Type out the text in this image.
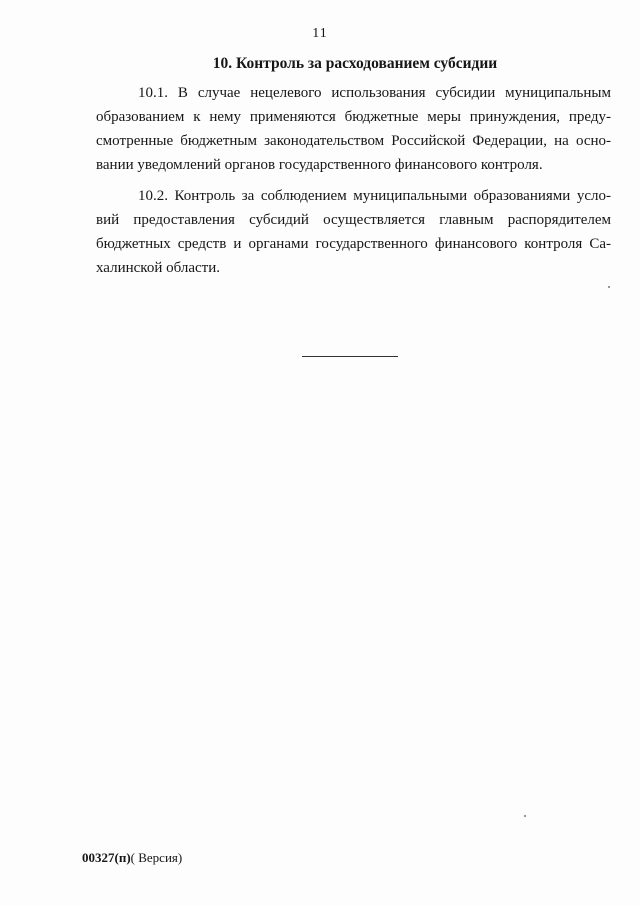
11
10. Контроль за расходованием субсидии
10.1. В случае нецелевого использования субсидии муниципальным
образованием к нему применяются бюджетные меры принуждения, преду-
смотренные бюджетным законодательством Российской Федерации, на осно-
вании уведомлений органов государственного финансового контроля.
10.2. Контроль за соблюдением муниципальными образованиями усло-
вий предоставления субсидий осуществляется главным распорядителем
бюджетных средств и органами государственного финансового контроля Са-
халинской области.
00327(п)( Версия)
